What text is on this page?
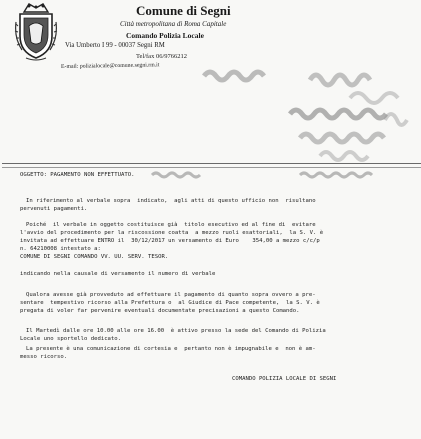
Comune di Segni
Città metropolitana di Roma Capitale
Comando Polizia Locale
Via Umberto I 99 - 00037 Segni RM
Tel/fax 06/9766212
E-mail: polizialocale@comune.segni.rm.it
OGGETTO: PAGAMENTO NON EFFETTUATO.
In riferimento al verbale sopra  indicato,  agli atti di questo ufficio non  risultano
pervenuti pagamenti.
Poiché  il verbale in oggetto costituisce già  titolo esecutivo ed al fine di  evitare
l'avvio del procedimento per la riscossione coatta  a mezzo ruoli esattoriali,  la S. V. è
invitata ad effettuare ENTRO il  30/12/2017 un versamento di Euro    354,00 a mezzo c/c/p
n. 64210008 intestato a:
COMUNE DI SEGNI COMANDO VV. UU. SERV. TESOR.
indicando nella causale di versamento il numero di verbale
Qualora avesse già provveduto ad effettuare il pagamento di quanto sopra ovvero a pre-
sentare  tempestivo ricorso alla Prefettura o  al Giudice di Pace competente,  la S. V. è
pregata di voler far pervenire eventuali documentate precisazioni a questo Comando.
Il Martedì dalle ore 10.00 alle ore 16.00  è attivo presso la sede del Comando di Polizia
Locale uno sportello dedicato.
La presente è una comunicazione di cortesia e  pertanto non è impugnabile e  non è am-
messo ricorso.
COMANDO POLIZIA LOCALE DI SEGNI
